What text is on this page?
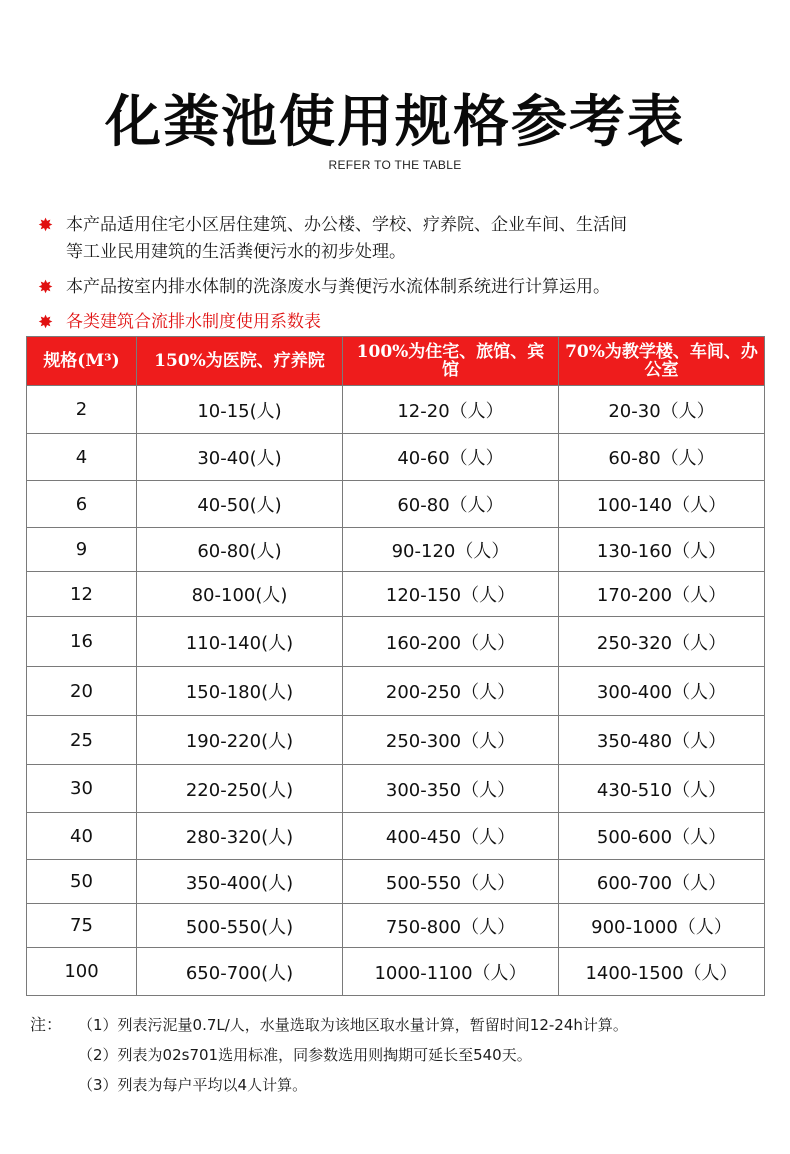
化粪池使用规格参考表
REFER TO THE TABLE
✸ 本产品适用住宅小区居住建筑、办公楼、学校、疗养院、企业车间、生活间
等工业民用建筑的生活粪便污水的初步处理。
✸ 本产品按室内排水体制的洗涤废水与粪便污水流体制系统进行计算运用。
✸ 各类建筑合流排水制度使用系数表
规格(M³)	150%为医院、疗养院	100%为住宅、旅馆、宾馆	70%为教学楼、车间、办公室
2	10-15(人)	12-20（人）	20-30（人）
4	30-40(人)	40-60（人）	60-80（人）
6	40-50(人)	60-80（人）	100-140（人）
9	60-80(人)	90-120（人）	130-160（人）
12	80-100(人)	120-150（人）	170-200（人）
16	110-140(人)	160-200（人）	250-320（人）
20	150-180(人)	200-250（人）	300-400（人）
25	190-220(人)	250-300（人）	350-480（人）
30	220-250(人)	300-350（人）	430-510（人）
40	280-320(人)	400-450（人）	500-600（人）
50	350-400(人)	500-550（人）	600-700（人）
75	500-550(人)	750-800（人）	900-1000（人）
100	650-700(人)	1000-1100（人）	1400-1500（人）
注： （1）列表污泥量0.7L/人，水量选取为该地区取水量计算，暂留时间12-24h计算。
（2）列表为02s701选用标准，同参数选用则掏期可延长至540天。
（3）列表为每户平均以4人计算。
